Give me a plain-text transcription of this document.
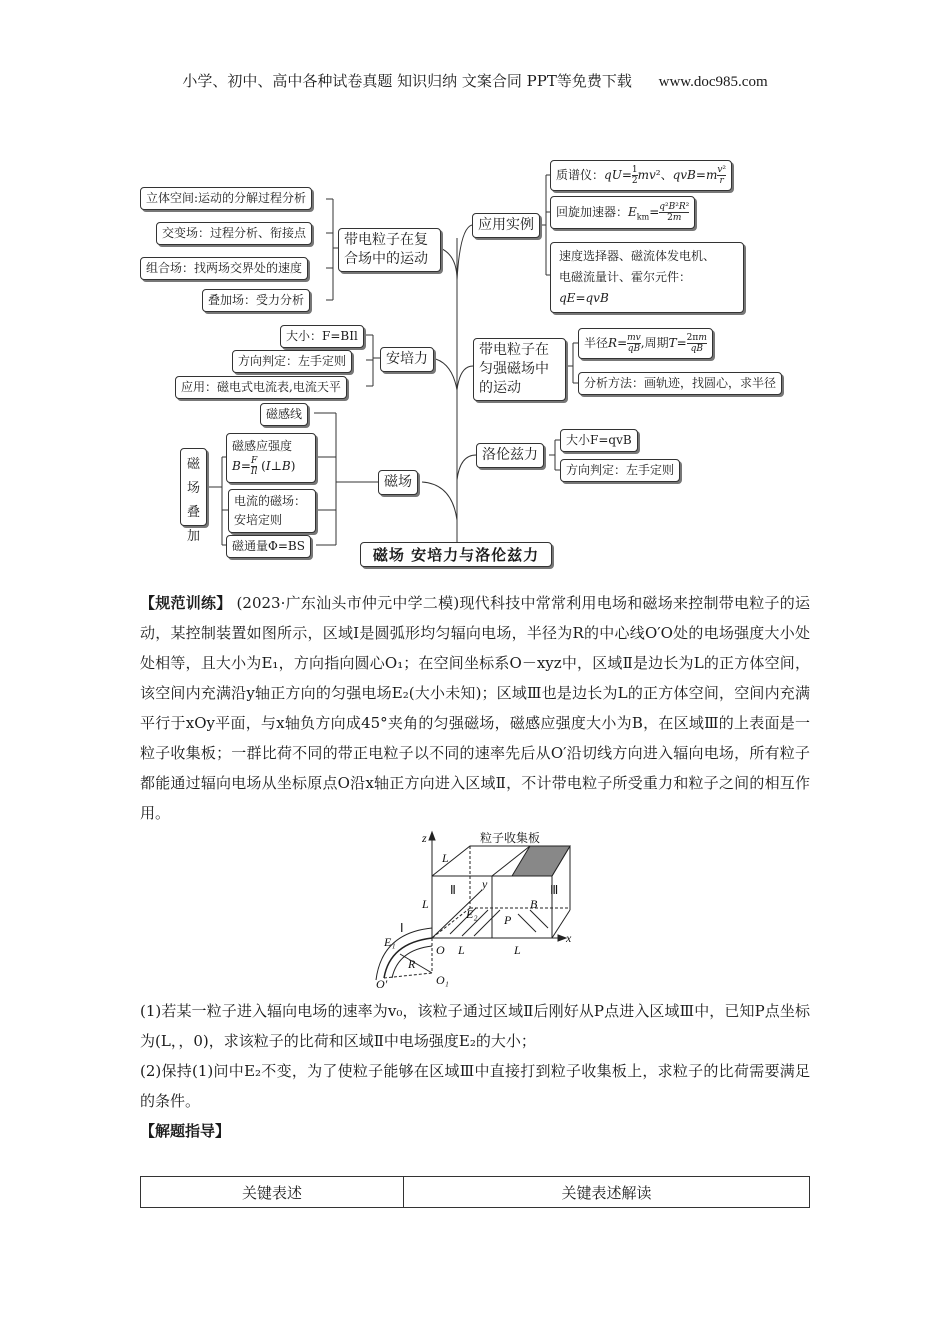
小学、初中、高中各种试卷真题 知识归纳 文案合同 PPT等免费下载 www.doc985.com
立体空间:运动的分解过程分析
交变场：过程分析、衔接点
组合场：找两场交界处的速度
叠加场：受力分析
带电粒子在复合场中的运动
应用实例
质谱仪：$qU= \frac{1}{2} mv^2$、$qvB=m \frac{\text{v²}}{r}$
回旋加速器：$E_{km}= \frac{\text{q²B²R²}}{2m}$
速度选择器、磁流体发电机、
电磁流量计、霍尔元件：
qE=qvB
大小：F=BIl
方向判定：左手定则
应用：磁电式电流表,电流天平
安培力
带电粒子在匀强磁场中的运动
半径$R= \frac{mv}{qB}$ ,周期$T= \frac{2\pi m}{qB}$
分析方法：画轨迹，找圆心，求半径
洛伦兹力
大小F=qvB
方向判定：左手定则
磁感线
磁感应强度
$B= \frac{F}{Il}$ (I⊥B)
电流的磁场：
安培定则
磁通量Φ=BS
磁场叠加
磁场
磁场 安培力与洛伦兹力
【规范训练】 (2023·广东汕头市仲元中学二模)现代科技中常常利用电场和磁场来控制带电粒子的运动，某控制装置如图所示，区域Ⅰ是圆弧形均匀辐向电场，半径为R的中心线O′O处的电场强度大小处处相等，且大小为E₁，方向指向圆心O₁；在空间坐标系O－xyz中，区域Ⅱ是边长为L的正方体空间，该空间内充满沿y轴正方向的匀强电场E₂(大小未知)；区域Ⅲ也是边长为L的正方体空间，空间内充满平行于xOy平面，与x轴负方向成45°夹角的匀强磁场，磁感应强度大小为B，在区域Ⅲ的上表面是一粒子收集板；一群比荷不同的带正电粒子以不同的速率先后从O′沿切线方向进入辐向电场，所有粒子都能通过辐向电场从坐标原点O沿x轴正方向进入区域Ⅱ，不计带电粒子所受重力和粒子之间的相互作用。
粒子收集板
z
y
x
L
L
L	L
Ⅱ	Ⅲ
Ⅰ
E₂
E₁
B
P
O
O′	O₁
R
(1)若某一粒子进入辐向电场的速率为v₀，该粒子通过区域Ⅱ后刚好从P点进入区域Ⅲ中，已知P点坐标为(L，，0)，求该粒子的比荷和区域Ⅱ中电场强度E₂的大小；
(2)保持(1)问中E₂不变，为了使粒子能够在区域Ⅲ中直接打到粒子收集板上，求粒子的比荷需要满足的条件。
【解题指导】
关键表述	关键表述解读
